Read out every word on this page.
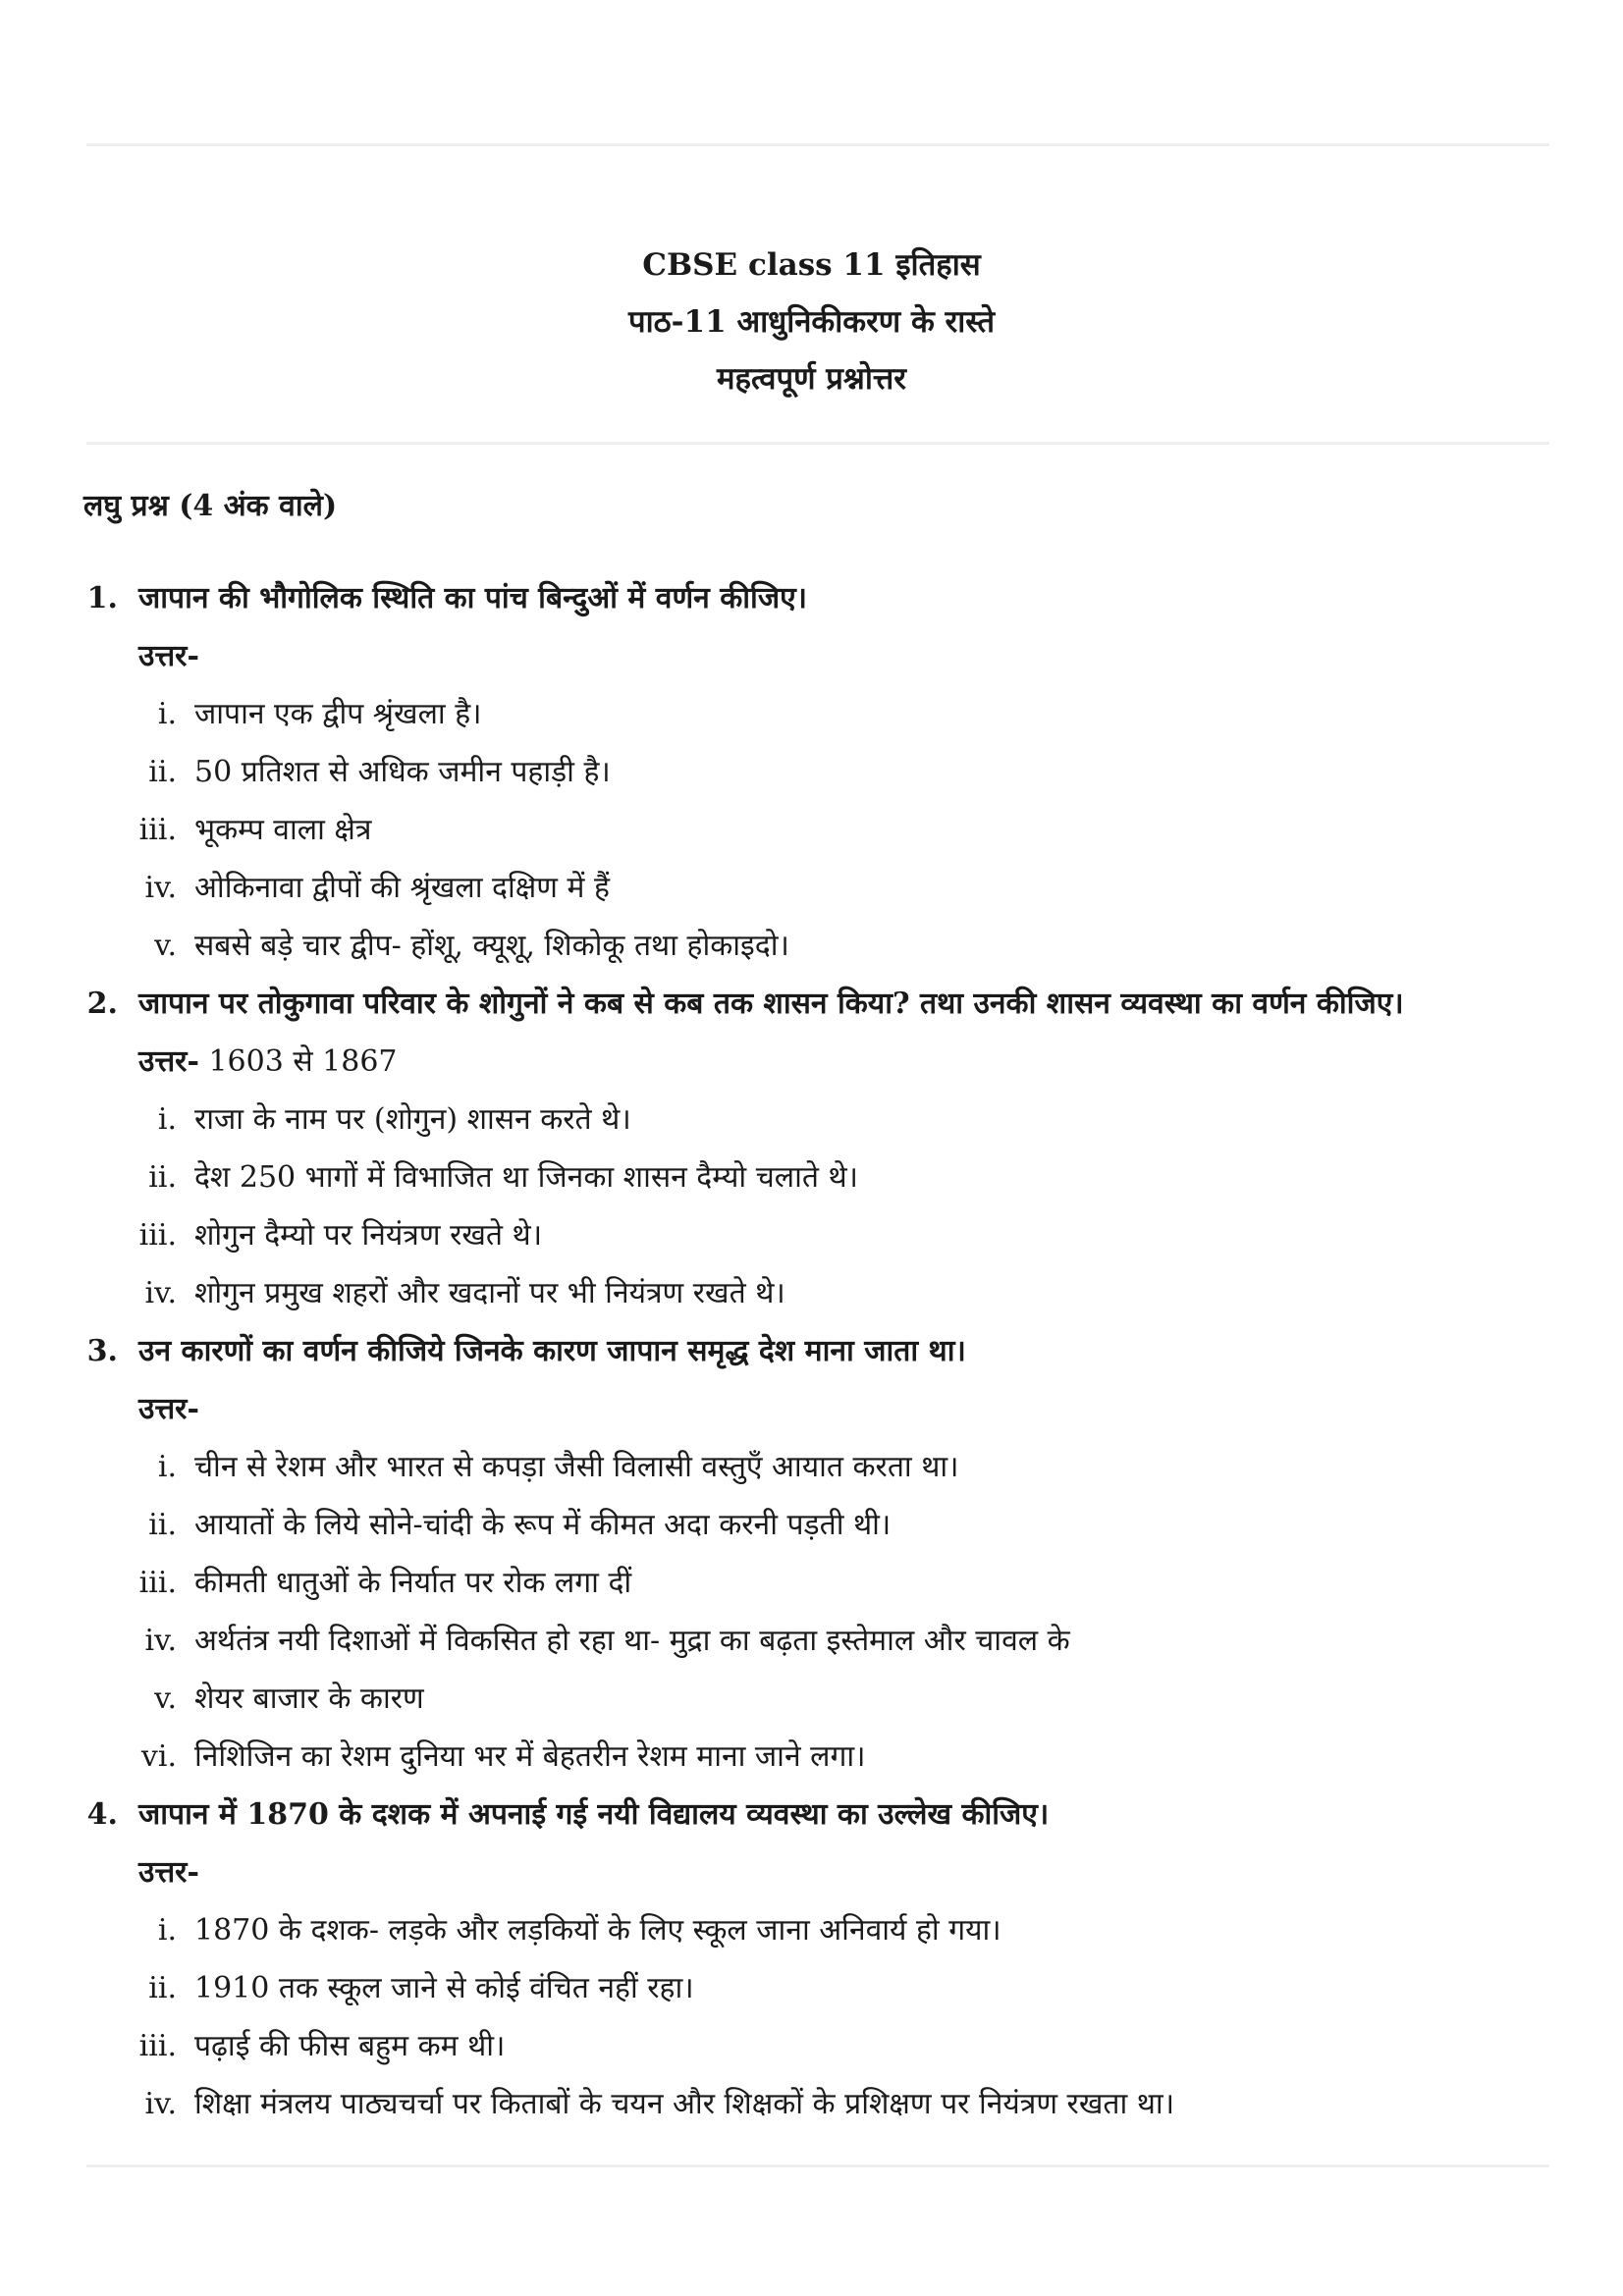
CBSE class 11 इतिहास
पाठ-11 आधुनिकीकरण के रास्ते
महत्वपूर्ण प्रश्नोत्तर
लघु प्रश्न (4 अंक वाले)
1. जापान की भौगोलिक स्थिति का पांच बिन्दुओं में वर्णन कीजिए।
उत्तर-
i. जापान एक द्वीप श्रृंखला है।
ii. 50 प्रतिशत से अधिक जमीन पहाड़ी है।
iii. भूकम्प वाला क्षेत्र
iv. ओकिनावा द्वीपों की श्रृंखला दक्षिण में हैं
v. सबसे बड़े चार द्वीप- होंशू, क्यूशू, शिकोकू तथा होकाइदो।
2. जापान पर तोकुगावा परिवार के शोगुनों ने कब से कब तक शासन किया? तथा उनकी शासन व्यवस्था का वर्णन कीजिए।
उत्तर- 1603 से 1867
i. राजा के नाम पर (शोगुन) शासन करते थे।
ii. देश 250 भागों में विभाजित था जिनका शासन दैम्यो चलाते थे।
iii. शोगुन दैम्यो पर नियंत्रण रखते थे।
iv. शोगुन प्रमुख शहरों और खदानों पर भी नियंत्रण रखते थे।
3. उन कारणों का वर्णन कीजिये जिनके कारण जापान समृद्ध देश माना जाता था।
उत्तर-
i. चीन से रेशम और भारत से कपड़ा जैसी विलासी वस्तुएँ आयात करता था।
ii. आयातों के लिये सोने-चांदी के रूप में कीमत अदा करनी पड़ती थी।
iii. कीमती धातुओं के निर्यात पर रोक लगा दीं
iv. अर्थतंत्र नयी दिशाओं में विकसित हो रहा था- मुद्रा का बढ़ता इस्तेमाल और चावल के
v. शेयर बाजार के कारण
vi. निशिजिन का रेशम दुनिया भर में बेहतरीन रेशम माना जाने लगा।
4. जापान में 1870 के दशक में अपनाई गई नयी विद्यालय व्यवस्था का उल्लेख कीजिए।
उत्तर-
i. 1870 के दशक- लड़के और लड़कियों के लिए स्कूल जाना अनिवार्य हो गया।
ii. 1910 तक स्कूल जाने से कोई वंचित नहीं रहा।
iii. पढ़ाई की फीस बहुम कम थी।
iv. शिक्षा मंत्रलय पाठ्यचर्चा पर किताबों के चयन और शिक्षकों के प्रशिक्षण पर नियंत्रण रखता था।
